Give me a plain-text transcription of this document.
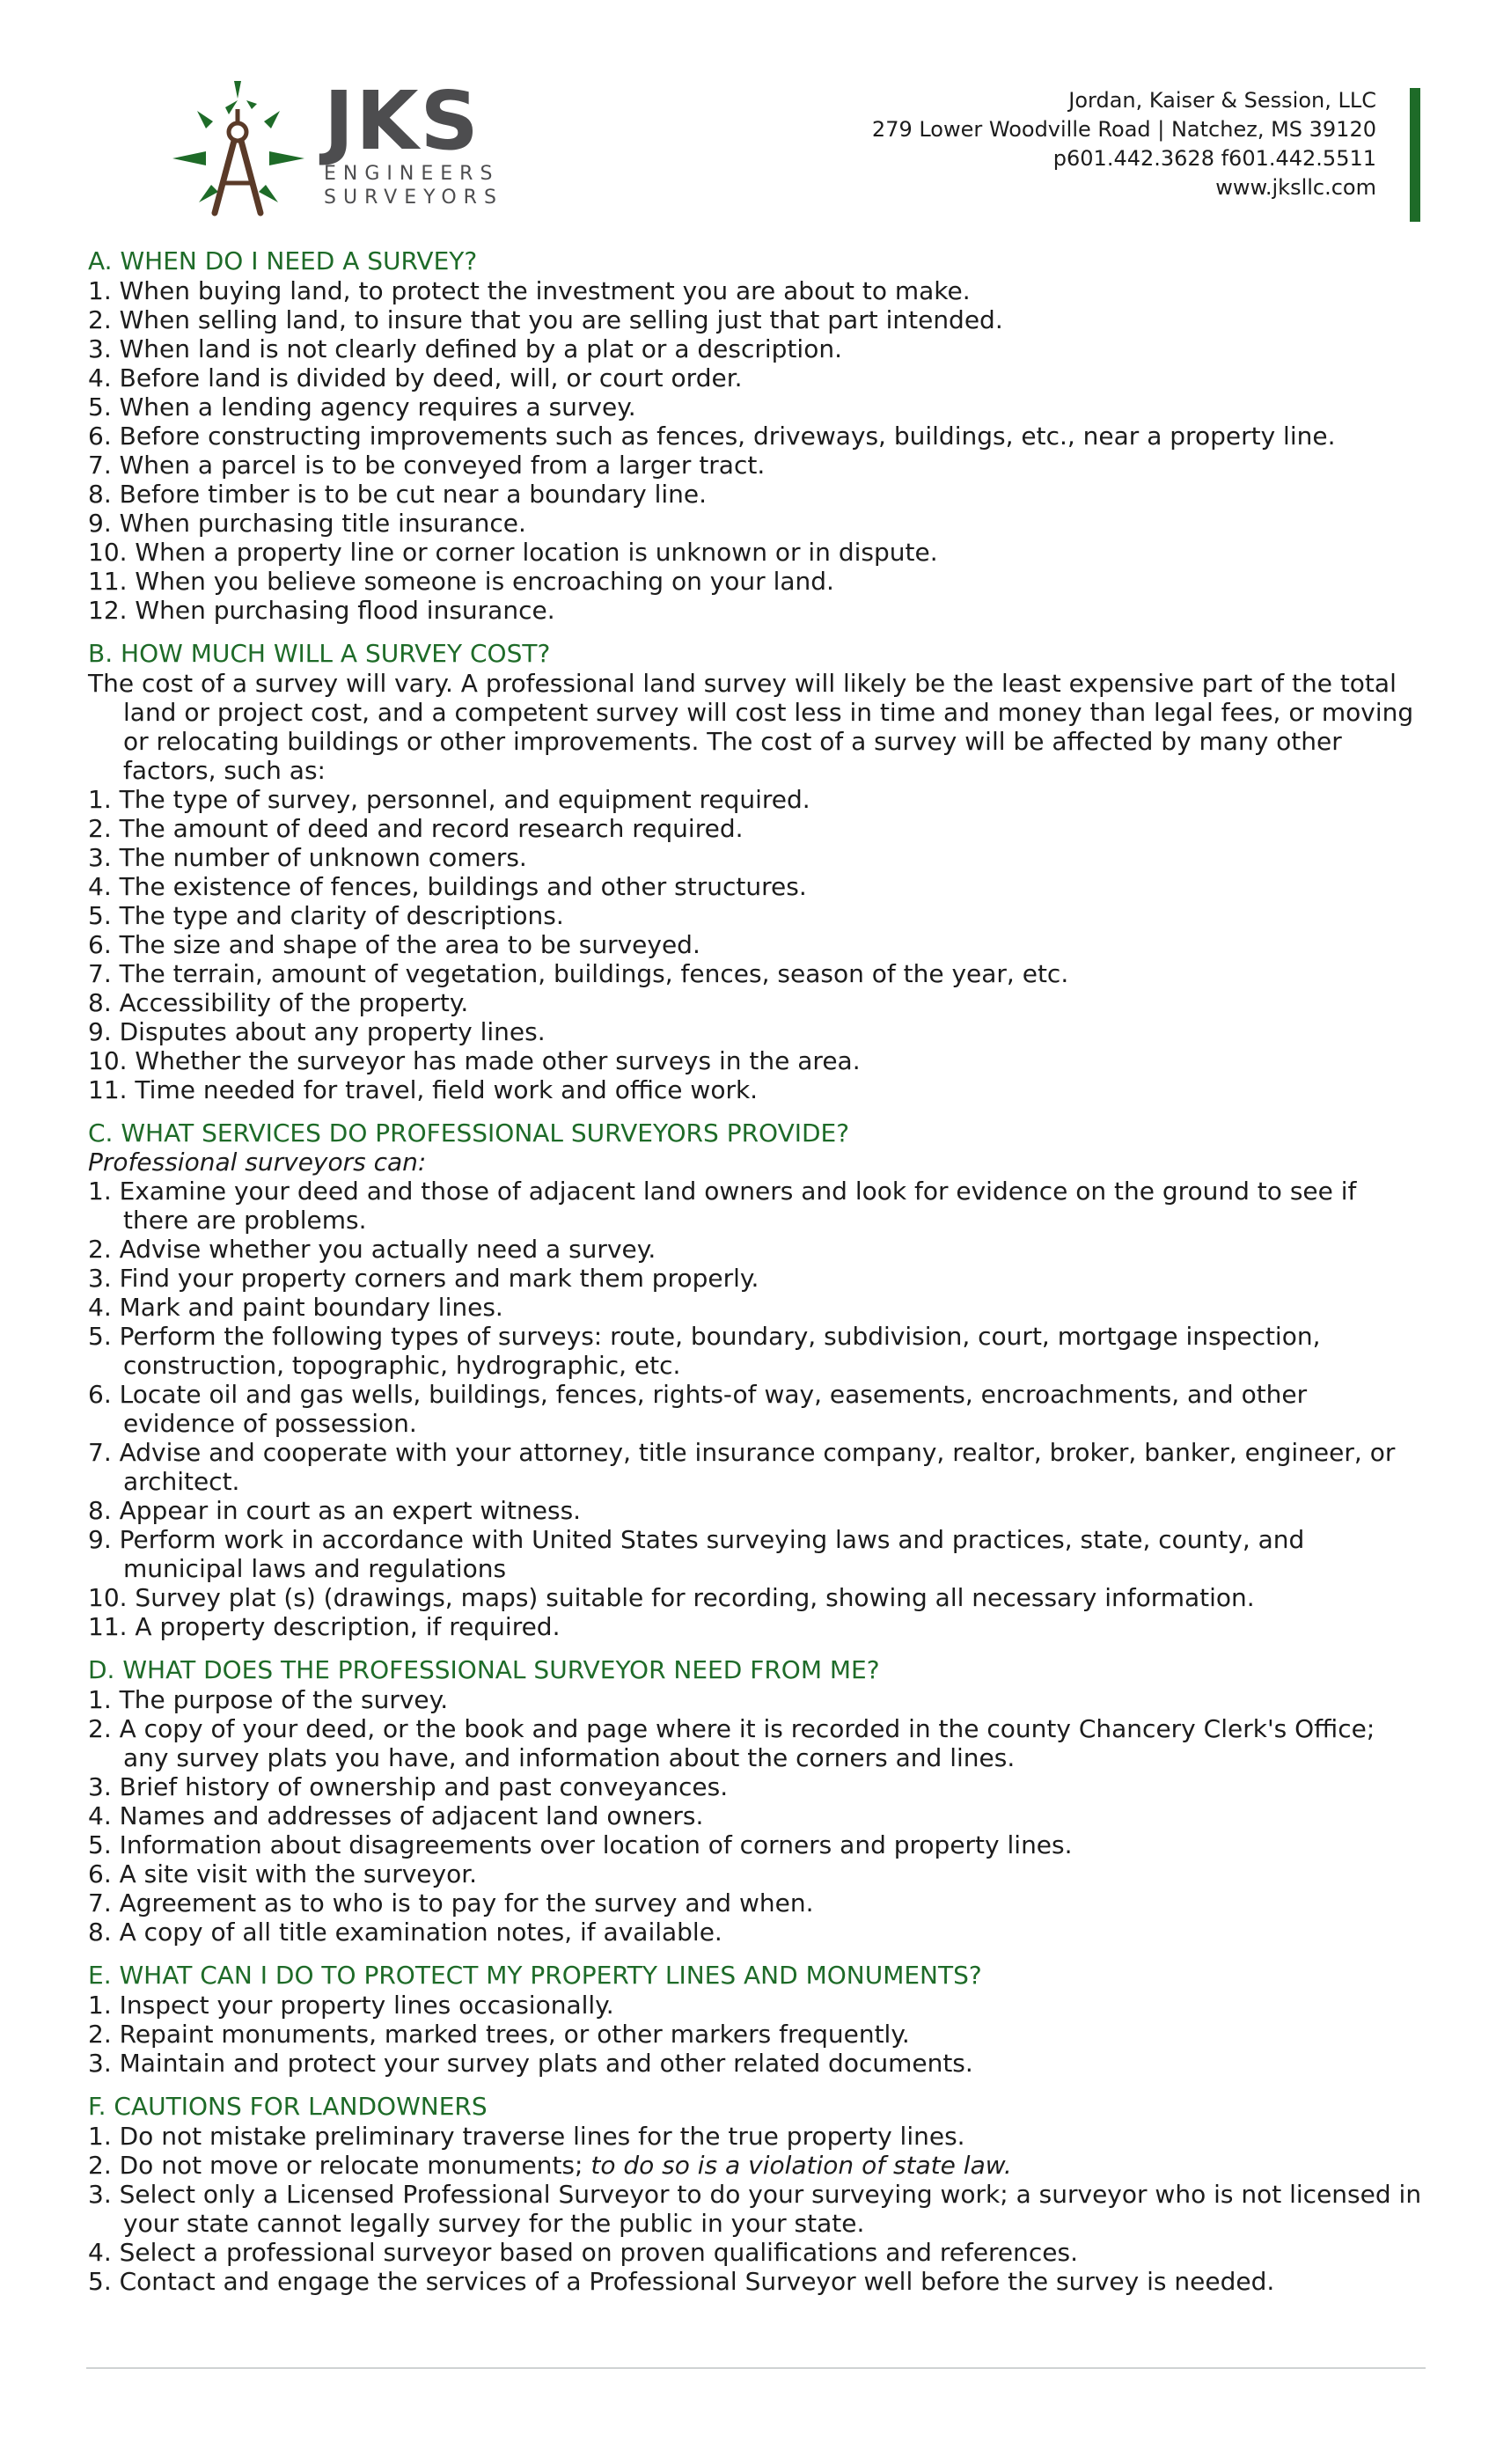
JKS
ENGINEERS
SURVEYORS
Jordan, Kaiser & Session, LLC
279 Lower Woodville Road | Natchez, MS 39120
p601.442.3628 f601.442.5511
www.jksllc.com
A. WHEN DO I NEED A SURVEY?
1. When buying land, to protect the investment you are about to make.
2. When selling land, to insure that you are selling just that part intended.
3. When land is not clearly defined by a plat or a description.
4. Before land is divided by deed, will, or court order.
5. When a lending agency requires a survey.
6. Before constructing improvements such as fences, driveways, buildings, etc., near a property line.
7. When a parcel is to be conveyed from a larger tract.
8. Before timber is to be cut near a boundary line.
9. When purchasing title insurance.
10. When a property line or corner location is unknown or in dispute.
11. When you believe someone is encroaching on your land.
12. When purchasing flood insurance.
B. HOW MUCH WILL A SURVEY COST?
The cost of a survey will vary. A professional land survey will likely be the least expensive part of the total land or project cost, and a competent survey will cost less in time and money than legal fees, or moving or relocating buildings or other improvements. The cost of a survey will be affected by many other factors, such as:
1. The type of survey, personnel, and equipment required.
2. The amount of deed and record research required.
3. The number of unknown comers.
4. The existence of fences, buildings and other structures.
5. The type and clarity of descriptions.
6. The size and shape of the area to be surveyed.
7. The terrain, amount of vegetation, buildings, fences, season of the year, etc.
8. Accessibility of the property.
9. Disputes about any property lines.
10. Whether the surveyor has made other surveys in the area.
11. Time needed for travel, field work and office work.
C. WHAT SERVICES DO PROFESSIONAL SURVEYORS PROVIDE?
Professional surveyors can:
1. Examine your deed and those of adjacent land owners and look for evidence on the ground to see if there are problems.
2. Advise whether you actually need a survey.
3. Find your property corners and mark them properly.
4. Mark and paint boundary lines.
5. Perform the following types of surveys: route, boundary, subdivision, court, mortgage inspection, construction, topographic, hydrographic, etc.
6. Locate oil and gas wells, buildings, fences, rights-of way, easements, encroachments, and other evidence of possession.
7. Advise and cooperate with your attorney, title insurance company, realtor, broker, banker, engineer, or architect.
8. Appear in court as an expert witness.
9. Perform work in accordance with United States surveying laws and practices, state, county, and municipal laws and regulations
10. Survey plat (s) (drawings, maps) suitable for recording, showing all necessary information.
11. A property description, if required.
D. WHAT DOES THE PROFESSIONAL SURVEYOR NEED FROM ME?
1. The purpose of the survey.
2. A copy of your deed, or the book and page where it is recorded in the county Chancery Clerk's Office; any survey plats you have, and information about the corners and lines.
3. Brief history of ownership and past conveyances.
4. Names and addresses of adjacent land owners.
5. Information about disagreements over location of corners and property lines.
6. A site visit with the surveyor.
7. Agreement as to who is to pay for the survey and when.
8. A copy of all title examination notes, if available.
E. WHAT CAN I DO TO PROTECT MY PROPERTY LINES AND MONUMENTS?
1. Inspect your property lines occasionally.
2. Repaint monuments, marked trees, or other markers frequently.
3. Maintain and protect your survey plats and other related documents.
F. CAUTIONS FOR LANDOWNERS
1. Do not mistake preliminary traverse lines for the true property lines.
2. Do not move or relocate monuments; to do so is a violation of state law.
3. Select only a Licensed Professional Surveyor to do your surveying work; a surveyor who is not licensed in your state cannot legally survey for the public in your state.
4. Select a professional surveyor based on proven qualifications and references.
5. Contact and engage the services of a Professional Surveyor well before the survey is needed.
